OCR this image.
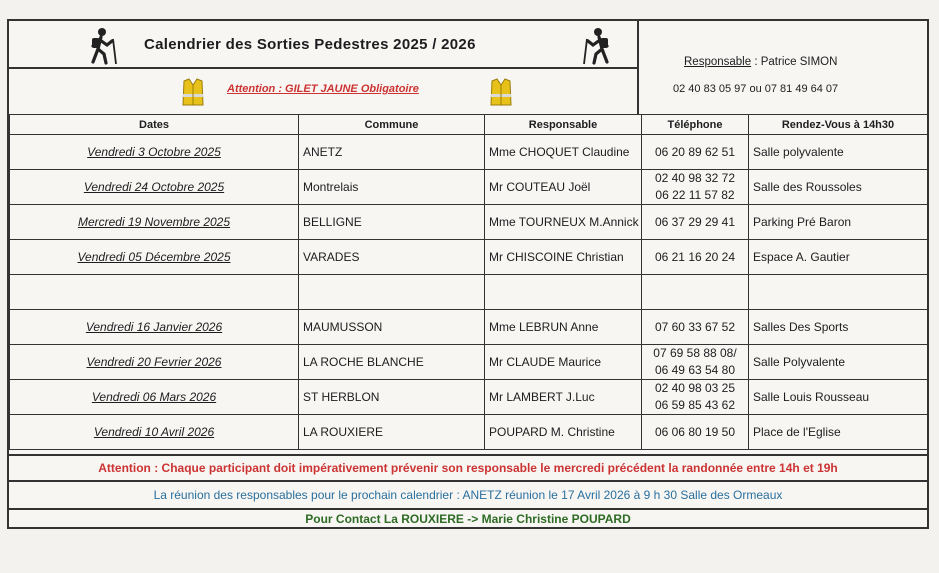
Calendrier des Sorties Pedestres 2025 / 2026
Attention : GILET JAUNE Obligatoire
Responsable : Patrice SIMON
02 40 83 05 97 ou 07 81 49 64 07
Dates	Commune	Responsable	Téléphone	Rendez-Vous à 14h30
Vendredi 3 Octobre 2025	ANETZ	Mme CHOQUET Claudine	06 20 89 62 51	Salle polyvalente
Vendredi 24 Octobre 2025	Montrelais	Mr COUTEAU Joël	02 40 98 32 72
06 22 11 57 82	Salle des Roussoles
Mercredi 19 Novembre 2025	BELLIGNE	Mme TOURNEUX M.Annick	06 37 29 29 41	Parking Pré Baron
Vendredi 05 Décembre 2025	VARADES	Mr CHISCOINE Christian	06 21 16 20 24	Espace A. Gautier

Vendredi 16 Janvier 2026	MAUMUSSON	Mme LEBRUN Anne	07 60 33 67 52	Salles Des Sports
Vendredi 20 Fevrier 2026	LA ROCHE BLANCHE	Mr CLAUDE Maurice	07 69 58 88 08/
06 49 63 54 80	Salle Polyvalente
Vendredi 06 Mars 2026	ST HERBLON	Mr LAMBERT J.Luc	02 40 98 03 25
06 59 85 43 62	Salle Louis Rousseau
Vendredi 10 Avril 2026	LA ROUXIERE	POUPARD M. Christine	06 06 80 19 50	Place de l'Eglise
Attention : Chaque participant doit impérativement prévenir son responsable le mercredi précédent la randonnée entre 14h et 19h
La réunion des responsables pour le prochain calendrier : ANETZ réunion le 17 Avril 2026 à 9 h 30 Salle des Ormeaux
Pour Contact La ROUXIERE -> Marie Christine POUPARD
